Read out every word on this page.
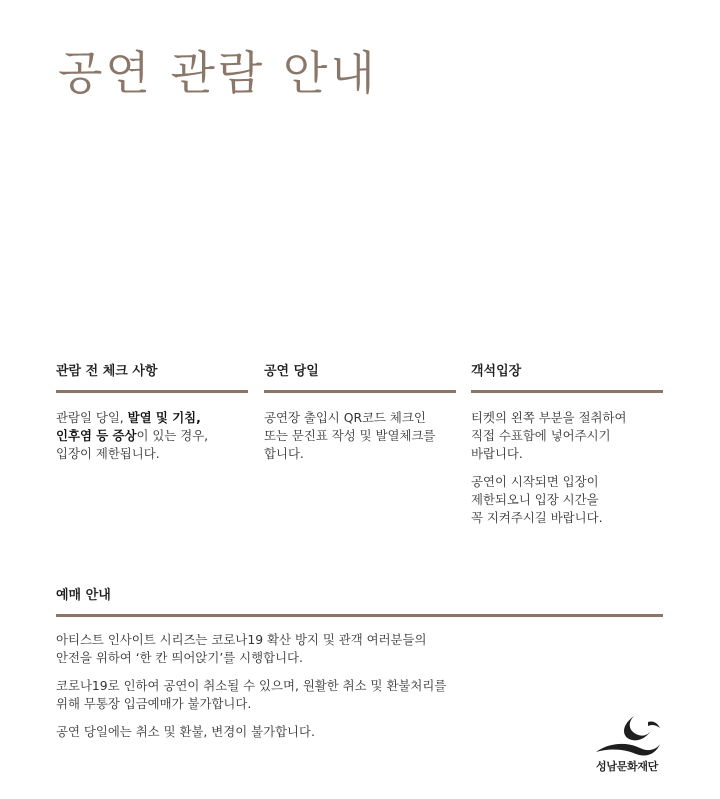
공연 관람 안내
관람 전 체크 사항

관람일 당일, 발열 및 기침,
인후염 등 증상이 있는 경우,
입장이 제한됩니다.

공연 당일

공연장 출입시 QR코드 체크인
또는 문진표 작성 및 발열체크를
합니다.

객석입장

티켓의 왼쪽 부분을 절취하여
직접 수표함에 넣어주시기
바랍니다.

공연이 시작되면 입장이
제한되오니 입장 시간을
꼭 지켜주시길 바랍니다.

예매 안내

아티스트 인사이트 시리즈는 코로나19 확산 방지 및 관객 여러분들의
안전을 위하여 ‘한 칸 띄어앉기’를 시행합니다.

코로나19로 인하여 공연이 취소될 수 있으며, 원활한 취소 및 환불처리를
위해 무통장 입금예매가 불가합니다.

공연 당일에는 취소 및 환불, 변경이 불가합니다.

성남문화재단
